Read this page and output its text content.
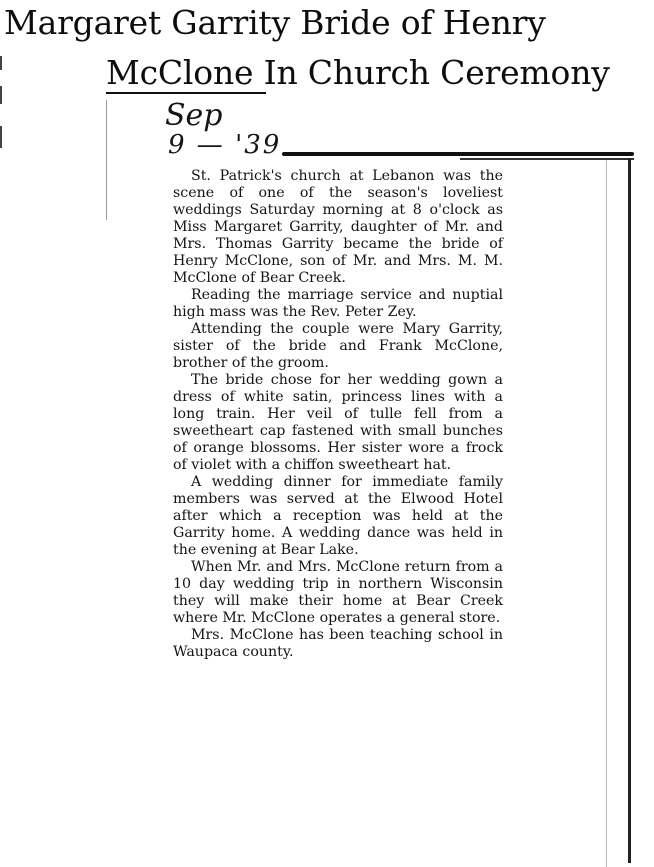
Margaret Garrity Bride of Henry
McClone In Church Ceremony
Sep
9 — '39

St. Patrick's church at Lebanon was the scene of one of the season's loveliest weddings Saturday morning at 8 o'clock as Miss Margaret Garrity, daughter of Mr. and Mrs. Thomas Garrity became the bride of Henry McClone, son of Mr. and Mrs. M. M. McClone of Bear Creek.

Reading the marriage service and nuptial high mass was the Rev. Peter Zey.

Attending the couple were Mary Garrity, sister of the bride and Frank McClone, brother of the groom.

The bride chose for her wedding gown a dress of white satin, princess lines with a long train. Her veil of tulle fell from a sweetheart cap fastened with small bunches of orange blossoms. Her sister wore a frock of violet with a chiffon sweetheart hat.

A wedding dinner for immediate family members was served at the Elwood Hotel after which a reception was held at the Garrity home. A wedding dance was held in the evening at Bear Lake.

When Mr. and Mrs. McClone return from a 10 day wedding trip in northern Wisconsin they will make their home at Bear Creek where Mr. McClone operates a general store.

Mrs. McClone has been teaching school in Waupaca county.
